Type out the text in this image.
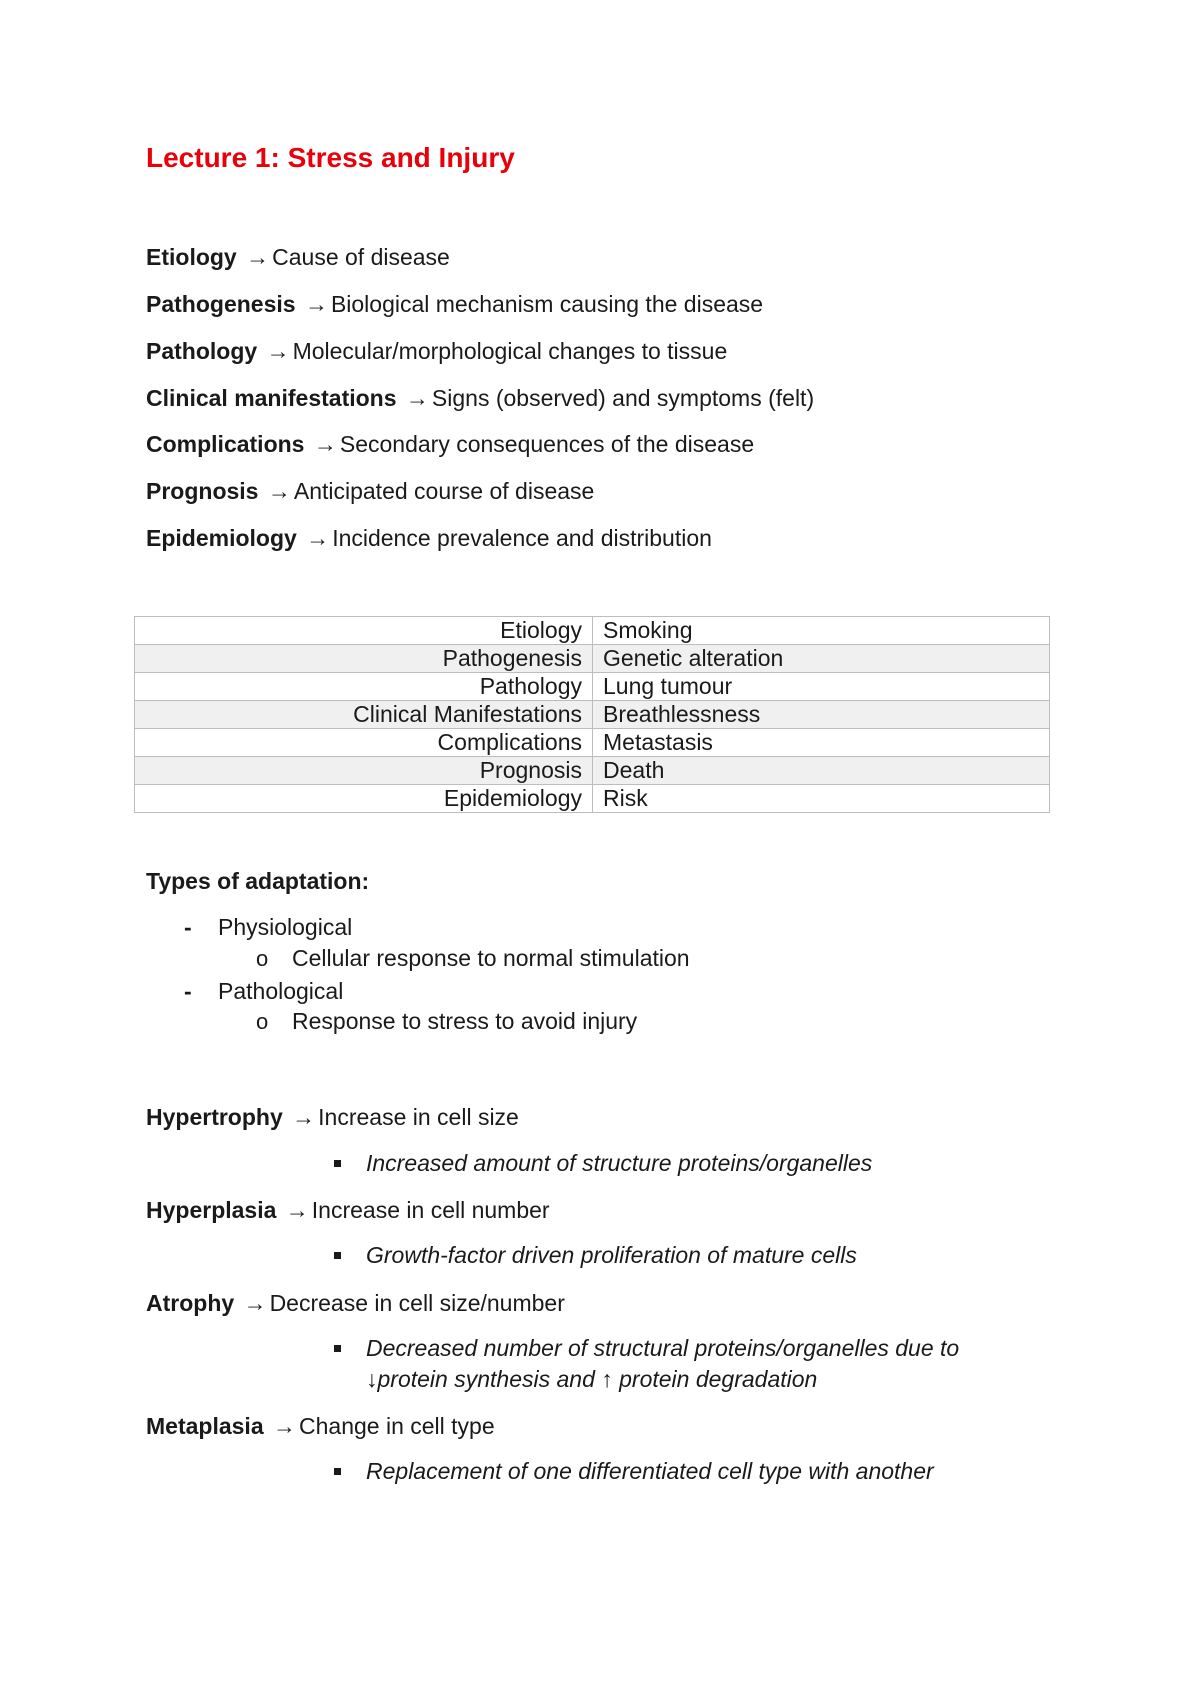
Lecture 1: Stress and Injury

Etiology → Cause of disease

Pathogenesis → Biological mechanism causing the disease

Pathology → Molecular/morphological changes to tissue

Clinical manifestations → Signs (observed) and symptoms (felt)

Complications → Secondary consequences of the disease

Prognosis → Anticipated course of disease

Epidemiology → Incidence prevalence and distribution

Etiology	Smoking
Pathogenesis	Genetic alteration
Pathology	Lung tumour
Clinical Manifestations	Breathlessness
Complications	Metastasis
Prognosis	Death
Epidemiology	Risk

Types of adaptation:

- Physiological

o Cellular response to normal stimulation

- Pathological

o Response to stress to avoid injury

Hypertrophy → Increase in cell size

Increased amount of structure proteins/organelles

Hyperplasia → Increase in cell number

Growth-factor driven proliferation of mature cells

Atrophy → Decrease in cell size/number

Decreased number of structural proteins/organelles due to
↓protein synthesis and ↑ protein degradation

Metaplasia → Change in cell type

Replacement of one differentiated cell type with another
